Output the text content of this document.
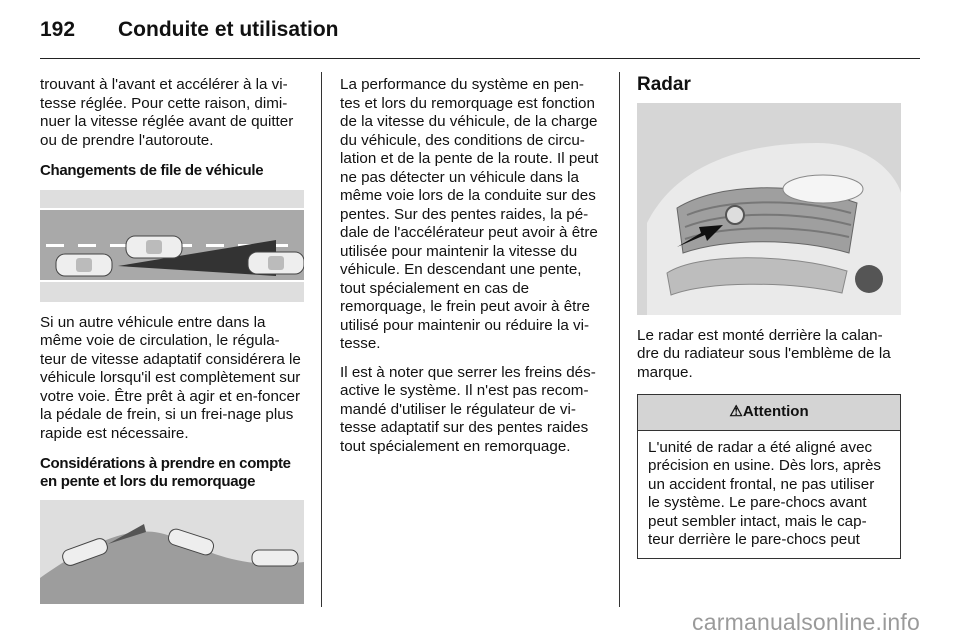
192 Conduite et utilisation

trouvant à l'avant et accélérer à la vi-tesse réglée. Pour cette raison, dimi-nuer la vitesse réglée avant de quitter ou de prendre l'autoroute.

Changements de file de véhicule

Si un autre véhicule entre dans la même voie de circulation, le régula-teur de vitesse adaptatif considérera le véhicule lorsqu'il est complètement sur votre voie. Être prêt à agir et en-foncer la pédale de frein, si un frei-nage plus rapide est nécessaire.

Considérations à prendre en compte en pente et lors du remorquage

La performance du système en pen-tes et lors du remorquage est fonction de la vitesse du véhicule, de la charge du véhicule, des conditions de circu-lation et de la pente de la route. Il peut ne pas détecter un véhicule dans la même voie lors de la conduite sur des pentes. Sur des pentes raides, la pé-dale de l'accélérateur peut avoir à être utilisée pour maintenir la vitesse du véhicule. En descendant une pente, tout spécialement en cas de remorquage, le frein peut avoir à être utilisé pour maintenir ou réduire la vi-tesse.

Il est à noter que serrer les freins dés-active le système. Il n'est pas recom-mandé d'utiliser le régulateur de vi-tesse adaptatif sur des pentes raides tout spécialement en remorquage.

Radar

Le radar est monté derrière la calan-dre du radiateur sous l'emblème de la marque.

⚠Attention
L'unité de radar a été aligné avec précision en usine. Dès lors, après un accident frontal, ne pas utiliser le système. Le pare-chocs avant peut sembler intact, mais le cap-teur derrière le pare-chocs peut
carmanualsonline.info
